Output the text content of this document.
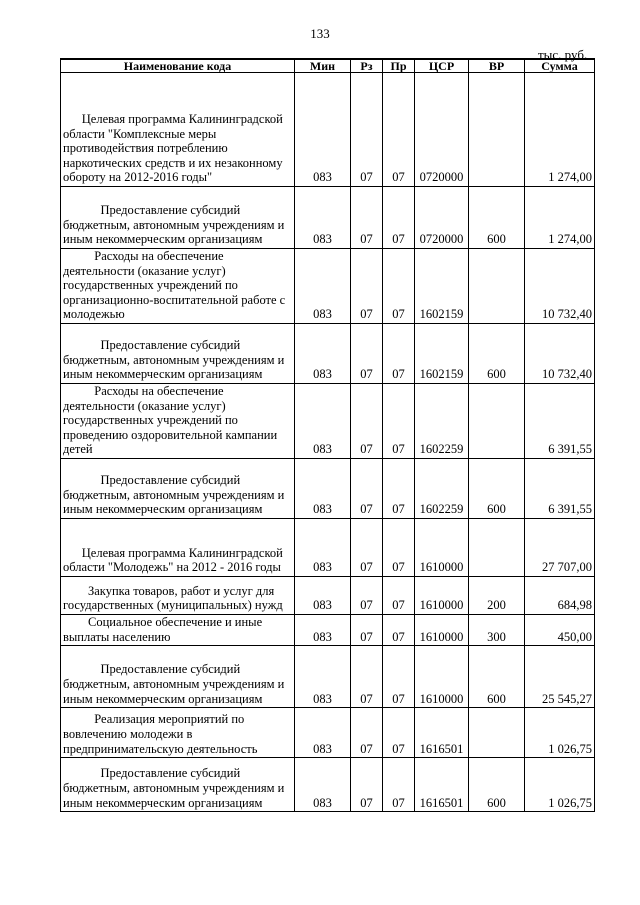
133
тыс. руб.
Наименование кода	Мин	Рз	Пр	ЦСР	ВР	Сумма
Целевая программа Калининградской области "Комплексные меры противодействия потреблению наркотических средств и их незаконному обороту на 2012-2016 годы"	083	07	07	0720000		1 274,00
Предоставление субсидий бюджетным, автономным учреждениям и иным некоммерческим организациям	083	07	07	0720000	600	1 274,00
Расходы на обеспечение деятельности (оказание услуг) государственных учреждений по организационно-воспитательной работе с молодежью	083	07	07	1602159		10 732,40
Предоставление субсидий бюджетным, автономным учреждениям и иным некоммерческим организациям	083	07	07	1602159	600	10 732,40
Расходы на обеспечение деятельности (оказание услуг) государственных учреждений по проведению оздоровительной кампании детей	083	07	07	1602259		6 391,55
Предоставление субсидий бюджетным, автономным учреждениям и иным некоммерческим организациям	083	07	07	1602259	600	6 391,55
Целевая программа Калининградской области "Молодежь" на 2012 - 2016 годы	083	07	07	1610000		27 707,00
Закупка товаров, работ и услуг для государственных (муниципальных) нужд	083	07	07	1610000	200	684,98
Социальное обеспечение и иные выплаты населению	083	07	07	1610000	300	450,00
Предоставление субсидий бюджетным, автономным учреждениям и иным некоммерческим организациям	083	07	07	1610000	600	25 545,27
Реализация мероприятий по вовлечению молодежи в предпринимательскую деятельность	083	07	07	1616501		1 026,75
Предоставление субсидий бюджетным, автономным учреждениям и иным некоммерческим организациям	083	07	07	1616501	600	1 026,75
